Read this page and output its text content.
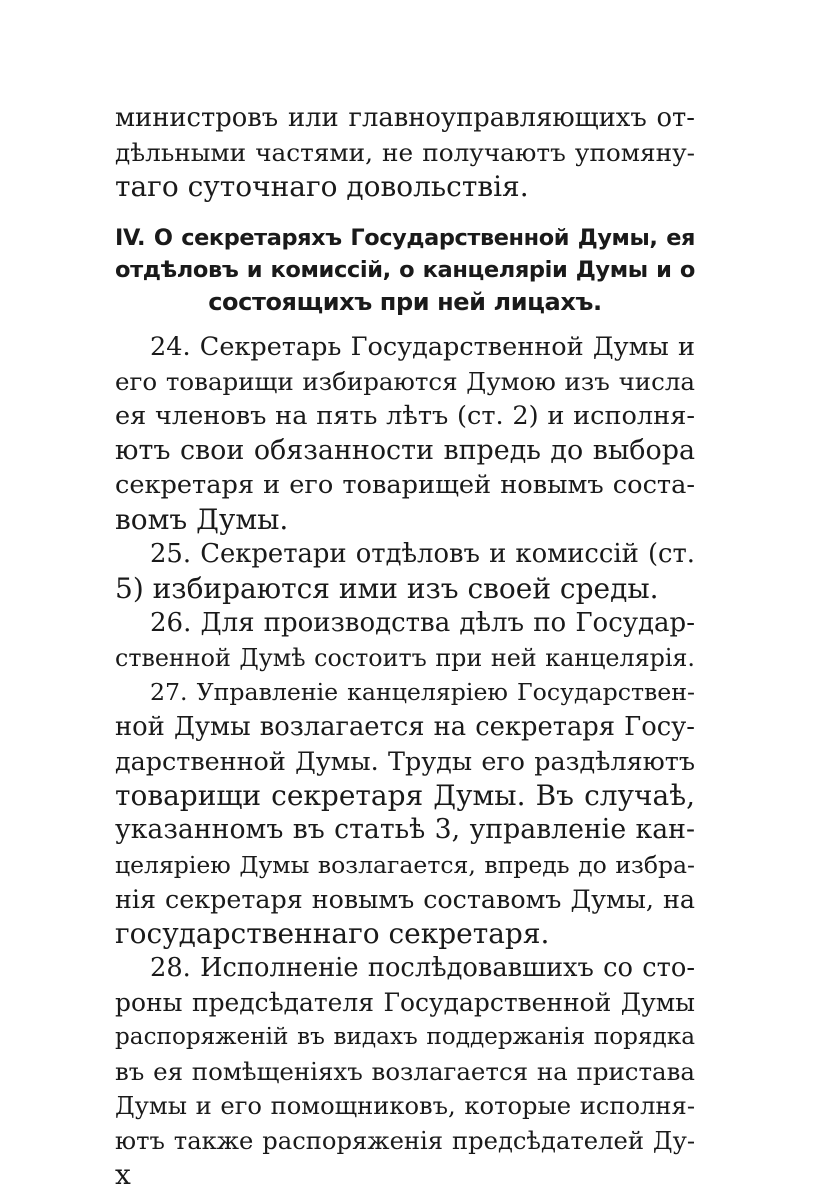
министровъ или главноуправляющихъ от-
дѣльными частями, не получаютъ упомяну-
таго суточнаго довольствія.
IV. О секретаряхъ Государственной Думы, ея
отдѣловъ и комиссій, о канцеляріи Думы и о
состоящихъ при ней лицахъ.
24. Секретарь Государственной Думы и
его товарищи избираются Думою изъ числа
ея членовъ на пять лѣтъ (ст. 2) и исполня-
ютъ свои обязанности впредь до выбора
секретаря и его товарищей новымъ соста-
вомъ Думы.
25. Секретари отдѣловъ и комиссій (ст.
5) избираются ими изъ своей среды.
26. Для производства дѣлъ по Государ-
ственной Думѣ состоитъ при ней канцелярія.
27. Управленіе канцеляріею Государствен-
ной Думы возлагается на секретаря Госу-
дарственной Думы. Труды его раздѣляютъ
товарищи секретаря Думы. Въ случаѣ,
указанномъ въ статьѣ 3, управленіе кан-
целяріею Думы возлагается, впредь до избра-
нія секретаря новымъ составомъ Думы, на
государственнаго секретаря.
28. Исполненіе послѣдовавшихъ со сто-
роны предсѣдателя Государственной Думы
распоряженій въ видахъ поддержанія порядка
въ ея помѣщеніяхъ возлагается на пристава
Думы и его помощниковъ, которые исполня-
ютъ также распоряженія предсѣдателей Ду-
х
